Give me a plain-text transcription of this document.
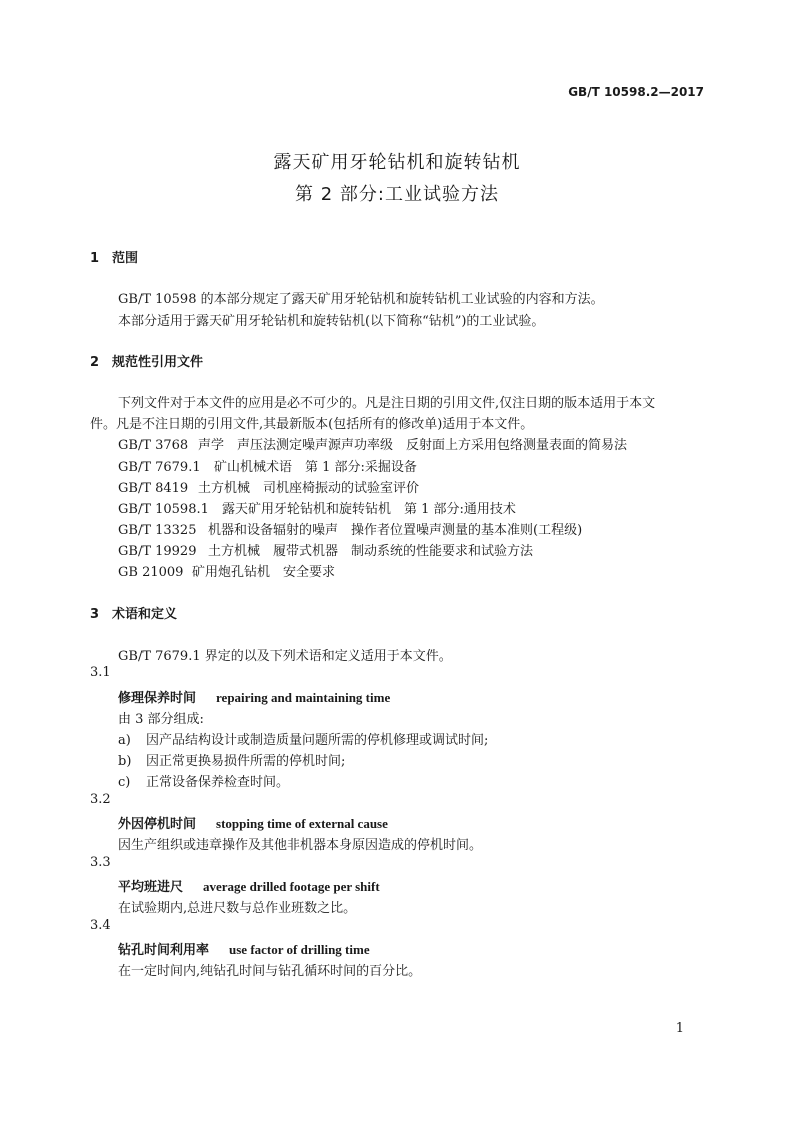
GB/T 10598.2—2017
露天矿用牙轮钻机和旋转钻机
第 2 部分:工业试验方法
1 范围
GB/T 10598 的本部分规定了露天矿用牙轮钻机和旋转钻机工业试验的内容和方法。
本部分适用于露天矿用牙轮钻机和旋转钻机(以下简称“钻机”)的工业试验。
2 规范性引用文件
下列文件对于本文件的应用是必不可少的。凡是注日期的引用文件,仅注日期的版本适用于本文
件。凡是不注日期的引用文件,其最新版本(包括所有的修改单)适用于本文件。
GB/T 3768 声学　声压法测定噪声源声功率级　反射面上方采用包络测量表面的简易法
GB/T 7679.1 矿山机械术语　第 1 部分:采掘设备
GB/T 8419 土方机械　司机座椅振动的试验室评价
GB/T 10598.1 露天矿用牙轮钻机和旋转钻机　第 1 部分:通用技术
GB/T 13325 机器和设备辐射的噪声　操作者位置噪声测量的基本准则(工程级)
GB/T 19929 土方机械　履带式机器　制动系统的性能要求和试验方法
GB 21009 矿用炮孔钻机　安全要求
3 术语和定义
GB/T 7679.1 界定的以及下列术语和定义适用于本文件。
3.1
修理保养时间 repairing and maintaining time
由 3 部分组成:
a) 因产品结构设计或制造质量问题所需的停机修理或调试时间;
b) 因正常更换易损件所需的停机时间;
c) 正常设备保养检查时间。
3.2
外因停机时间 stopping time of external cause
因生产组织或违章操作及其他非机器本身原因造成的停机时间。
3.3
平均班进尺 average drilled footage per shift
在试验期内,总进尺数与总作业班数之比。
3.4
钻孔时间利用率 use factor of drilling time
在一定时间内,纯钻孔时间与钻孔循环时间的百分比。
1
